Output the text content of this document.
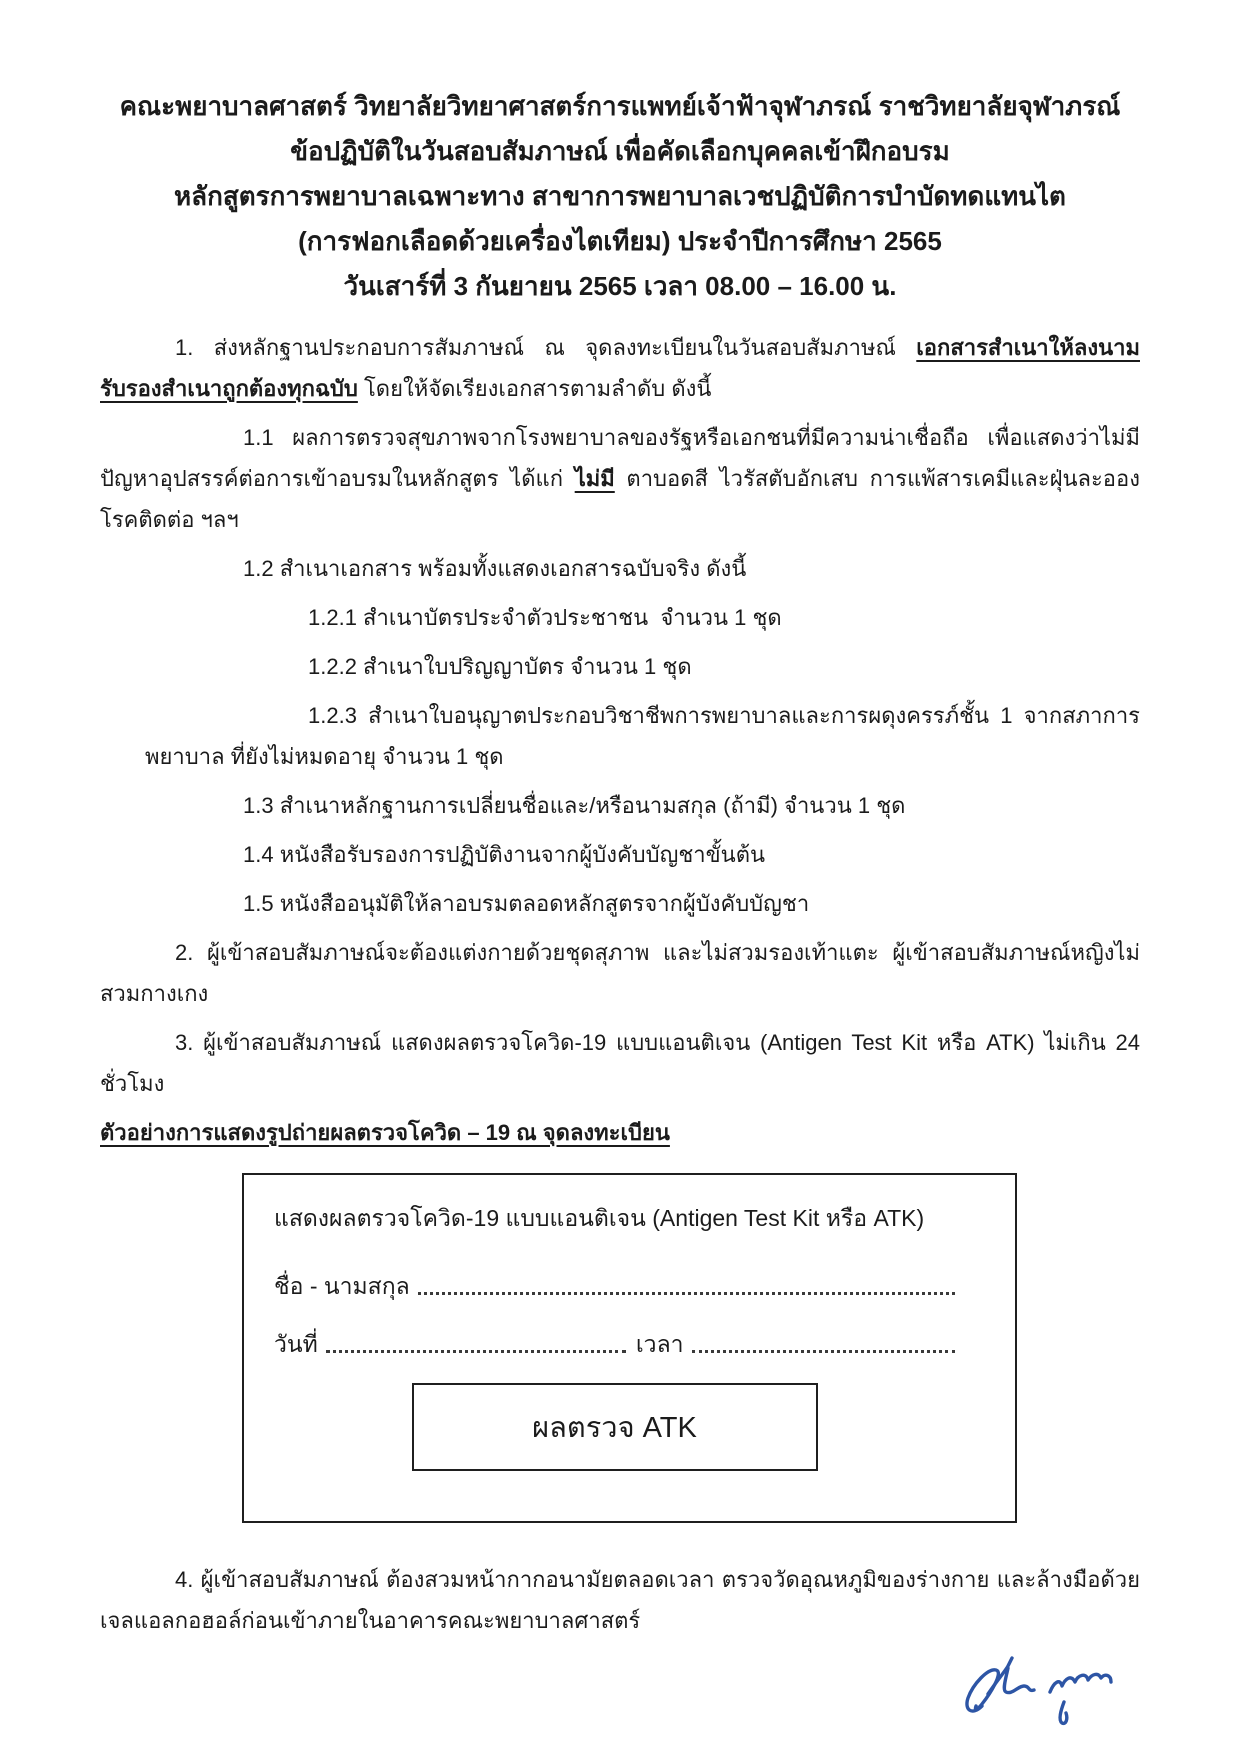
คณะพยาบาลศาสตร์ วิทยาลัยวิทยาศาสตร์การแพทย์เจ้าฟ้าจุฬาภรณ์ ราชวิทยาลัยจุฬาภรณ์
ข้อปฏิบัติในวันสอบสัมภาษณ์ เพื่อคัดเลือกบุคคลเข้าฝึกอบรม
หลักสูตรการพยาบาลเฉพาะทาง สาขาการพยาบาลเวชปฏิบัติการบำบัดทดแทนไต
(การฟอกเลือดด้วยเครื่องไตเทียม) ประจำปีการศึกษา 2565
วันเสาร์ที่ 3 กันยายน 2565 เวลา 08.00 – 16.00 น.

1. ส่งหลักฐานประกอบการสัมภาษณ์ ณ จุดลงทะเบียนในวันสอบสัมภาษณ์ เอกสารสำเนาให้ลงนามรับรองสำเนาถูกต้องทุกฉบับ โดยให้จัดเรียงเอกสารตามลำดับ ดังนี้

1.1 ผลการตรวจสุขภาพจากโรงพยาบาลของรัฐหรือเอกชนที่มีความน่าเชื่อถือ เพื่อแสดงว่าไม่มีปัญหาอุปสรรค์ต่อการเข้าอบรมในหลักสูตร ได้แก่ ไม่มี ตาบอดสี ไวรัสตับอักเสบ การแพ้สารเคมีและฝุ่นละออง โรคติดต่อ ฯลฯ

1.2 สำเนาเอกสาร พร้อมทั้งแสดงเอกสารฉบับจริง ดังนี้

1.2.1 สำเนาบัตรประจำตัวประชาชน  จำนวน 1 ชุด

1.2.2 สำเนาใบปริญญาบัตร จำนวน 1 ชุด

1.2.3 สำเนาใบอนุญาตประกอบวิชาชีพการพยาบาลและการผดุงครรภ์ชั้น 1 จากสภาการพยาบาล ที่ยังไม่หมดอายุ จำนวน 1 ชุด

1.3 สำเนาหลักฐานการเปลี่ยนชื่อและ/หรือนามสกุล (ถ้ามี) จำนวน 1 ชุด

1.4 หนังสือรับรองการปฏิบัติงานจากผู้บังคับบัญชาขั้นต้น

1.5 หนังสืออนุมัติให้ลาอบรมตลอดหลักสูตรจากผู้บังคับบัญชา

2. ผู้เข้าสอบสัมภาษณ์จะต้องแต่งกายด้วยชุดสุภาพ และไม่สวมรองเท้าแตะ ผู้เข้าสอบสัมภาษณ์หญิงไม่สวมกางเกง

3. ผู้เข้าสอบสัมภาษณ์ แสดงผลตรวจโควิด-19 แบบแอนติเจน (Antigen Test Kit หรือ ATK) ไม่เกิน 24 ชั่วโมง

ตัวอย่างการแสดงรูปถ่ายผลตรวจโควิด – 19 ณ จุดลงทะเบียน

แสดงผลตรวจโควิด-19 แบบแอนติเจน (Antigen Test Kit หรือ ATK)

ชื่อ - นามสกุล
วันที่	เวลา
ผลตรวจ ATK

4. ผู้เข้าสอบสัมภาษณ์ ต้องสวมหน้ากากอนามัยตลอดเวลา ตรวจวัดอุณหภูมิของร่างกาย และล้างมือด้วยเจลแอลกอฮอล์ก่อนเข้าภายในอาคารคณะพยาบาลศาสตร์
